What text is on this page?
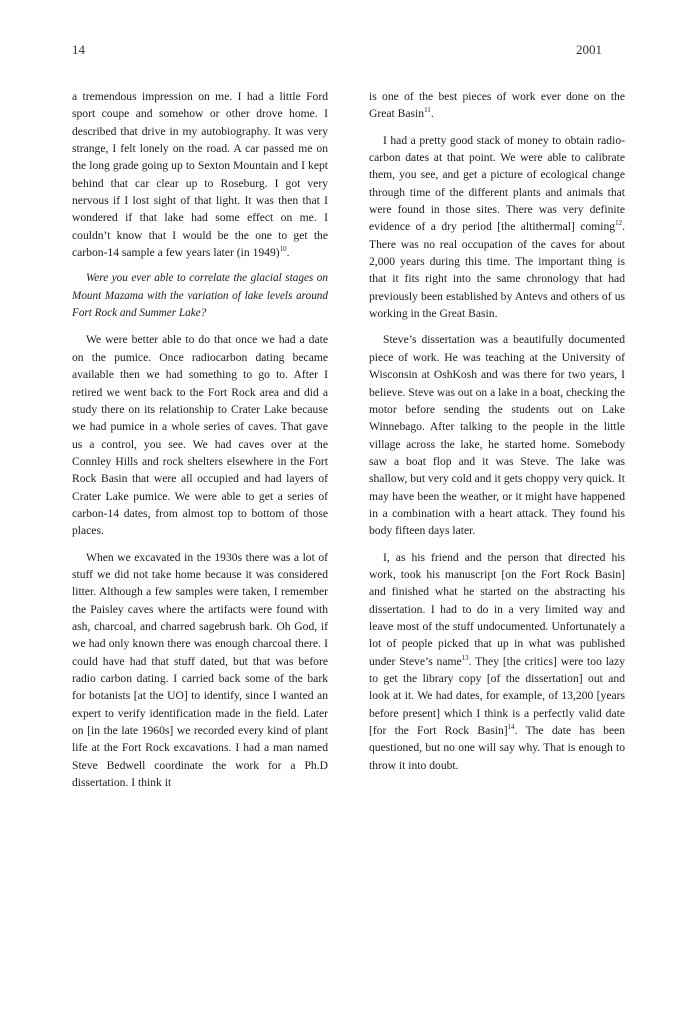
14	2001

a tremendous impression on me. I had a little Ford sport coupe and somehow or other drove home. I described that drive in my autobiography. It was very strange, I felt lonely on the road. A car passed me on the long grade going up to Sexton Mountain and I kept behind that car clear up to Roseburg. I got very nervous if I lost sight of that light. It was then that I wondered if that lake had some effect on me. I couldn’t know that I would be the one to get the carbon-14 sample a few years later (in 1949)$^{10}$.

Were you ever able to correlate the glacial stages on Mount Mazama with the variation of lake levels around Fort Rock and Summer Lake?

We were better able to do that once we had a date on the pumice. Once radiocarbon dating became available then we had something to go to. After I retired we went back to the Fort Rock area and did a study there on its relationship to Crater Lake because we had pumice in a whole series of caves. That gave us a control, you see. We had caves over at the Connley Hills and rock shelters elsewhere in the Fort Rock Basin that were all occupied and had layers of Crater Lake pumice. We were able to get a series of carbon-14 dates, from almost top to bottom of those places.

When we excavated in the 1930s there was a lot of stuff we did not take home because it was considered litter. Although a few samples were taken, I remember the Paisley caves where the artifacts were found with ash, charcoal, and charred sagebrush bark. Oh God, if we had only known there was enough charcoal there. I could have had that stuff dated, but that was before radio carbon dating. I carried back some of the bark for botanists [at the UO] to identify, since I wanted an expert to verify identification made in the field. Later on [in the late 1960s] we recorded every kind of plant life at the Fort Rock excavations. I had a man named Steve Bedwell coordinate the work for a Ph.D dissertation. I think it

is one of the best pieces of work ever done on the Great Basin$^{11}$.

I had a pretty good stack of money to obtain radio-carbon dates at that point. We were able to calibrate them, you see, and get a picture of ecological change through time of the different plants and animals that were found in those sites. There was very definite evidence of a dry period [the altithermal] coming$^{12}$. There was no real occupation of the caves for about 2,000 years during this time. The important thing is that it fits right into the same chronology that had previously been established by Antevs and others of us working in the Great Basin.

Steve’s dissertation was a beautifully documented piece of work. He was teaching at the University of Wisconsin at OshKosh and was there for two years, I believe. Steve was out on a lake in a boat, checking the motor before sending the students out on Lake Winnebago. After talking to the people in the little village across the lake, he started home. Somebody saw a boat flop and it was Steve. The lake was shallow, but very cold and it gets choppy very quick. It may have been the weather, or it might have happened in a combination with a heart attack. They found his body fifteen days later.

I, as his friend and the person that directed his work, took his manuscript [on the Fort Rock Basin] and finished what he started on the abstracting his dissertation. I had to do in a very limited way and leave most of the stuff undocumented. Unfortunately a lot of people picked that up in what was published under Steve’s name$^{13}$. They [the critics] were too lazy to get the library copy [of the dissertation] out and look at it. We had dates, for example, of 13,200 [years before present] which I think is a perfectly valid date [for the Fort Rock Basin]$^{14}$. The date has been questioned, but no one will say why. That is enough to throw it into doubt.
